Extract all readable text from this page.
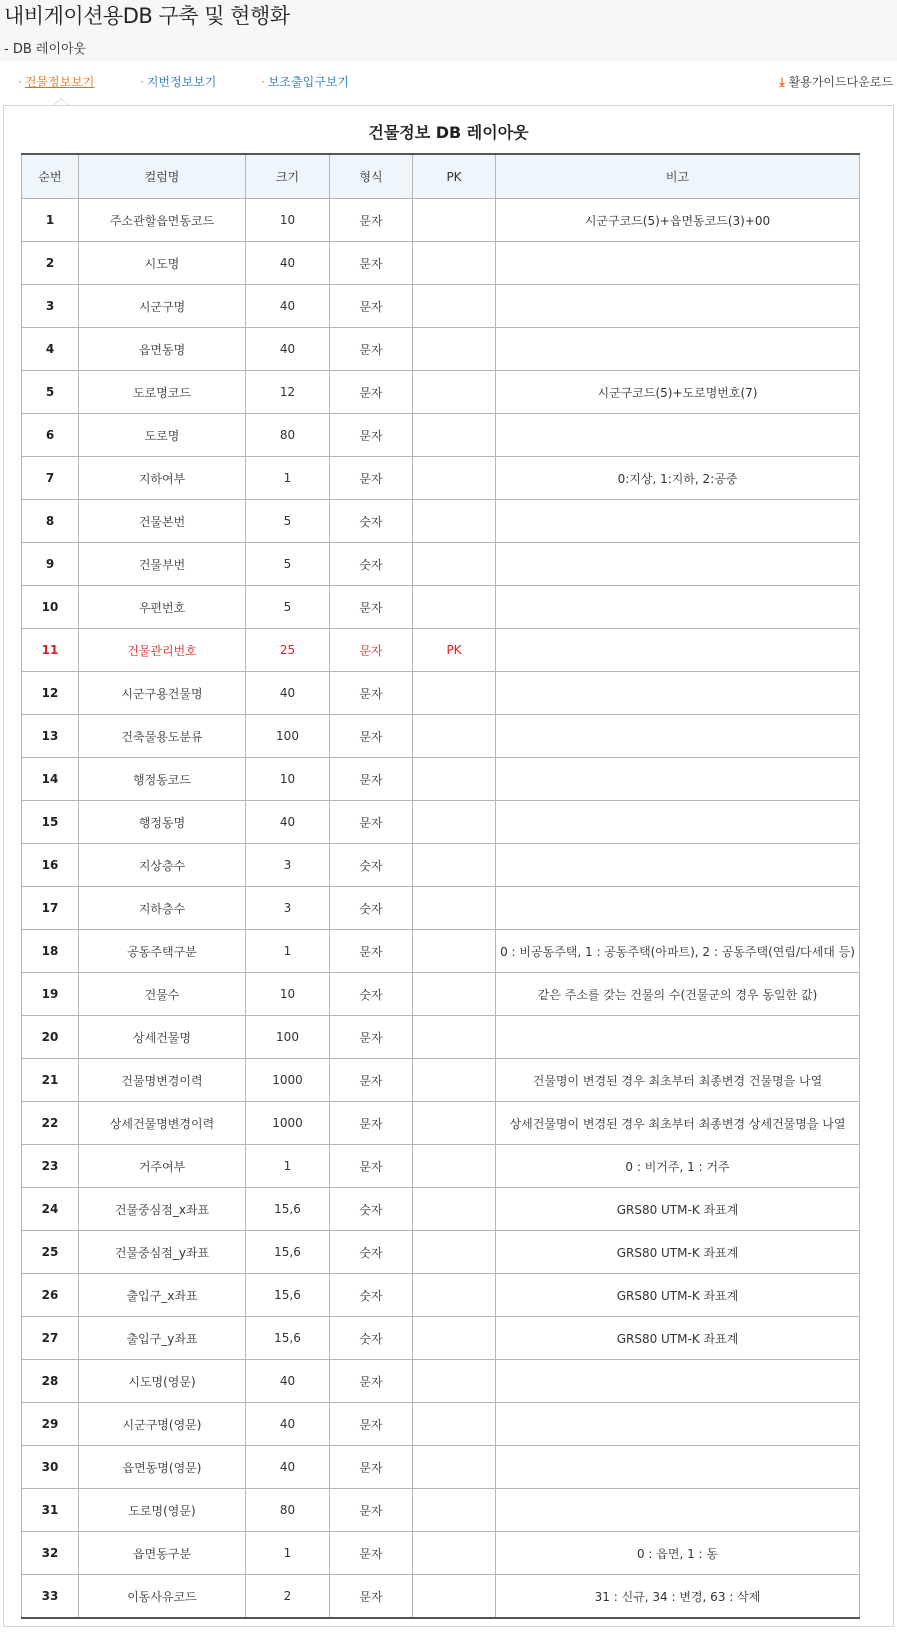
내비게이션용DB 구축 및 현행화
- DB 레이아웃
· 건물정보보기	· 지번정보보기	· 보조출입구보기	⤓ 활용가이드다운로드
건물정보 DB 레이아웃
순번	컬럼명	크기	형식	PK	비고
1	주소관할읍면동코드	10	문자		시군구코드(5)+읍면동코드(3)+00
2	시도명	40	문자		
3	시군구명	40	문자		
4	읍면동명	40	문자		
5	도로명코드	12	문자		시군구코드(5)+도로명번호(7)
6	도로명	80	문자		
7	지하여부	1	문자		0:지상, 1:지하, 2:공중
8	건물본번	5	숫자		
9	건물부번	5	숫자		
10	우편번호	5	문자		
11	건물관리번호	25	문자	PK	
12	시군구용건물명	40	문자		
13	건축물용도분류	100	문자		
14	행정동코드	10	문자		
15	행정동명	40	문자		
16	지상층수	3	숫자		
17	지하층수	3	숫자		
18	공동주택구분	1	문자		0 : 비공동주택, 1 : 공동주택(아파트), 2 : 공동주택(연립/다세대 등)
19	건물수	10	숫자		같은 주소를 갖는 건물의 수(건물군의 경우 동일한 값)
20	상세건물명	100	문자		
21	건물명변경이력	1000	문자		건물명이 변경된 경우 최초부터 최종변경 건물명을 나열
22	상세건물명변경이력	1000	문자		상세건물명이 변경된 경우 최초부터 최종변경 상세건물명을 나열
23	거주여부	1	문자		0 : 비거주, 1 : 거주
24	건물중심점_x좌표	15,6	숫자		GRS80 UTM-K 좌표계
25	건물중심점_y좌표	15,6	숫자		GRS80 UTM-K 좌표계
26	출입구_x좌표	15,6	숫자		GRS80 UTM-K 좌표계
27	출입구_y좌표	15,6	숫자		GRS80 UTM-K 좌표계
28	시도명(영문)	40	문자		
29	시군구명(영문)	40	문자		
30	읍면동명(영문)	40	문자		
31	도로명(영문)	80	문자		
32	읍면동구분	1	문자		0 : 읍면, 1 : 동
33	이동사유코드	2	문자		31 : 신규, 34 : 변경, 63 : 삭제
